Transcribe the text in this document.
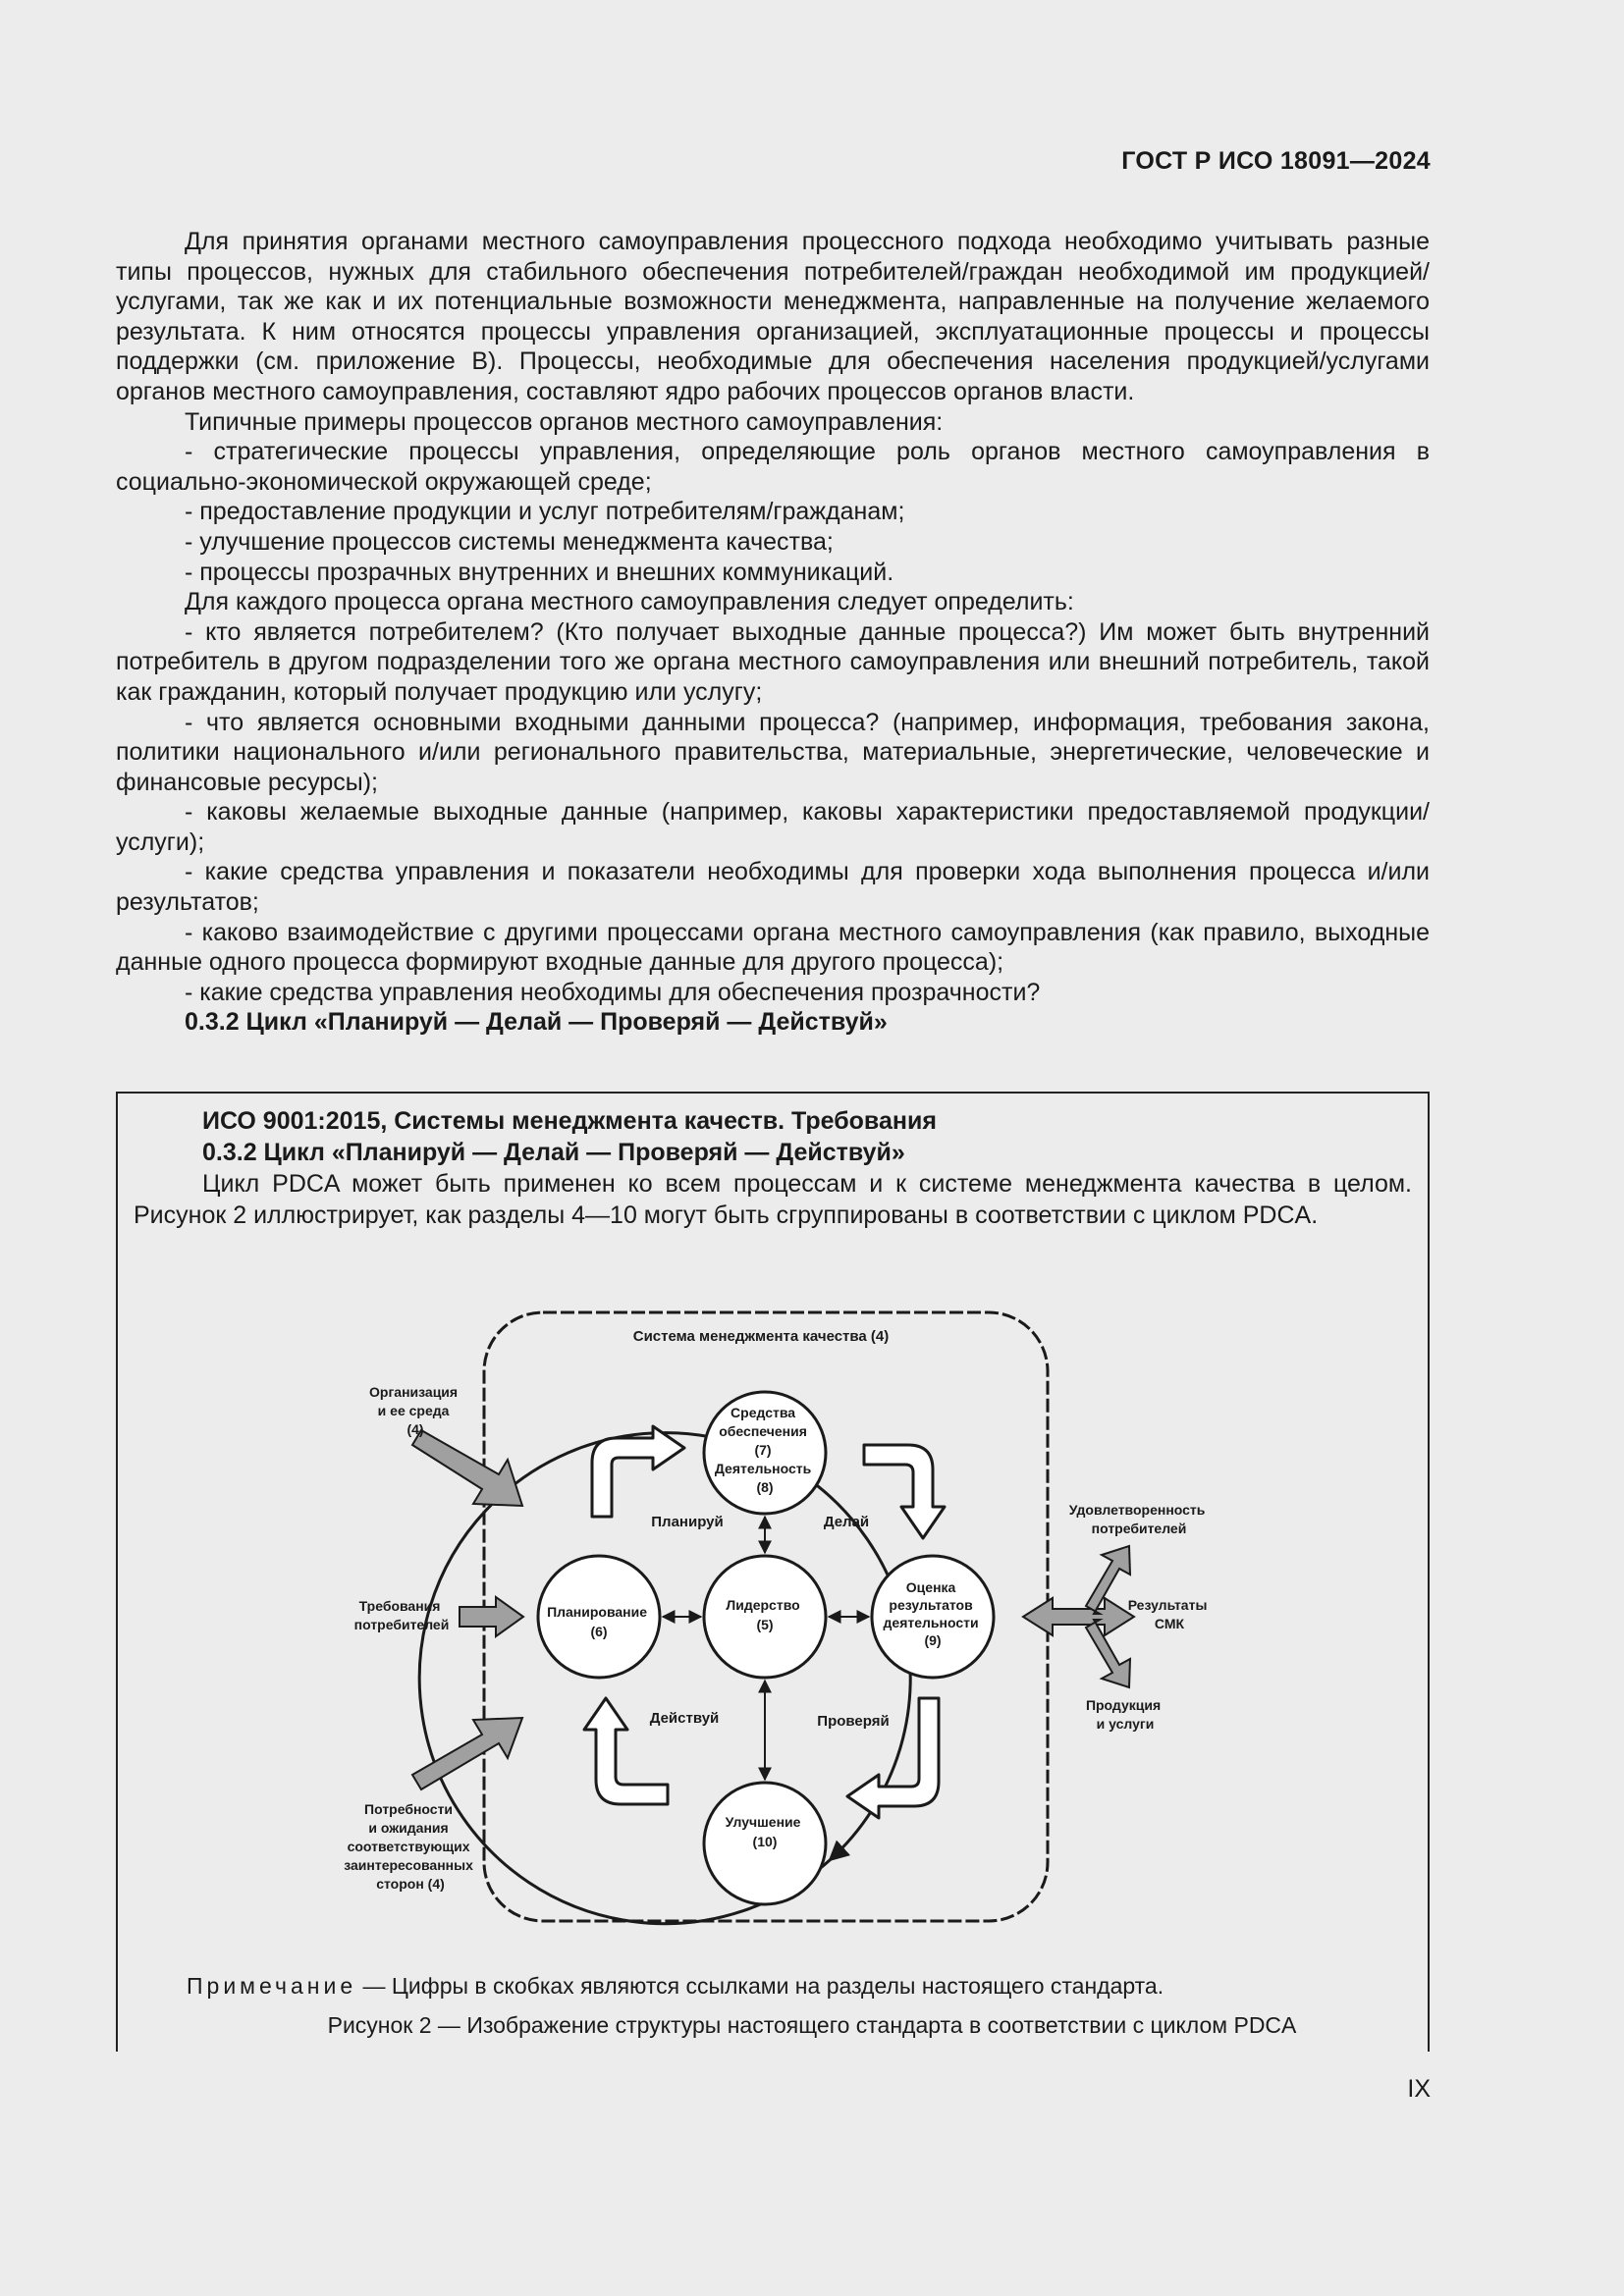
ГОСТ Р ИСО 18091—2024

Для принятия органами местного самоуправления процессного подхода необходимо учитывать разные типы процессов, нужных для стабильного обеспечения потребителей/граждан необходимой им продукцией/услугами, так же как и их потенциальные возможности менеджмента, направленные на получение желаемого результата. К ним относятся процессы управления организацией, эксплуатационные процессы и процессы поддержки (см. приложение В). Процессы, необходимые для обеспечения населения продукцией/услугами органов местного самоуправления, составляют ядро рабочих процессов органов власти.

Типичные примеры процессов органов местного самоуправления:

- стратегические процессы управления, определяющие роль органов местного самоуправления в социально-экономической окружающей среде;

- предоставление продукции и услуг потребителям/гражданам;

- улучшение процессов системы менеджмента качества;

- процессы прозрачных внутренних и внешних коммуникаций.

Для каждого процесса органа местного самоуправления следует определить:

- кто является потребителем? (Кто получает выходные данные процесса?) Им может быть внутренний потребитель в другом подразделении того же органа местного самоуправления или внешний потребитель, такой как гражданин, который получает продукцию или услугу;

- что является основными входными данными процесса? (например, информация, требования закона, политики национального и/или регионального правительства, материальные, энергетические, человеческие и финансовые ресурсы);

- каковы желаемые выходные данные (например, каковы характеристики предоставляемой продукции/услуги);

- какие средства управления и показатели необходимы для проверки хода выполнения процесса и/или результатов;

- каково взаимодействие с другими процессами органа местного самоуправления (как правило, выходные данные одного процесса формируют входные данные для другого процесса);

- какие средства управления необходимы для обеспечения прозрачности?

0.3.2 Цикл «Планируй — Делай — Проверяй — Действуй»

ИСО 9001:2015, Системы менеджмента качеств. Требования

0.3.2 Цикл «Планируй — Делай — Проверяй — Действуй»

Цикл PDCA может быть применен ко всем процессам и к системе менеджмента качества в целом. Рисунок 2 иллюстрирует, как разделы 4—10 могут быть сгруппированы в соответствии с циклом PDCA.

Система менеджмента качества (4)
Средства обеспечения (7) Деятельность (8)
Планирование (6)
Лидерство (5)
Оценка результатов деятельности (9)
Улучшение (10)
Планируй	Делай
Действуй	Проверяй
Организация и ее среда (4)
Требования потребителей
Потребности и ожидания соответствующих заинтересованных сторон (4)
Удовлетворенность потребителей
Результаты СМК
Продукция и услуги
Примечание — Цифры в скобках являются ссылками на разделы настоящего стандарта.
Рисунок 2 — Изображение структуры настоящего стандарта в соответствии с циклом PDCA
IX
